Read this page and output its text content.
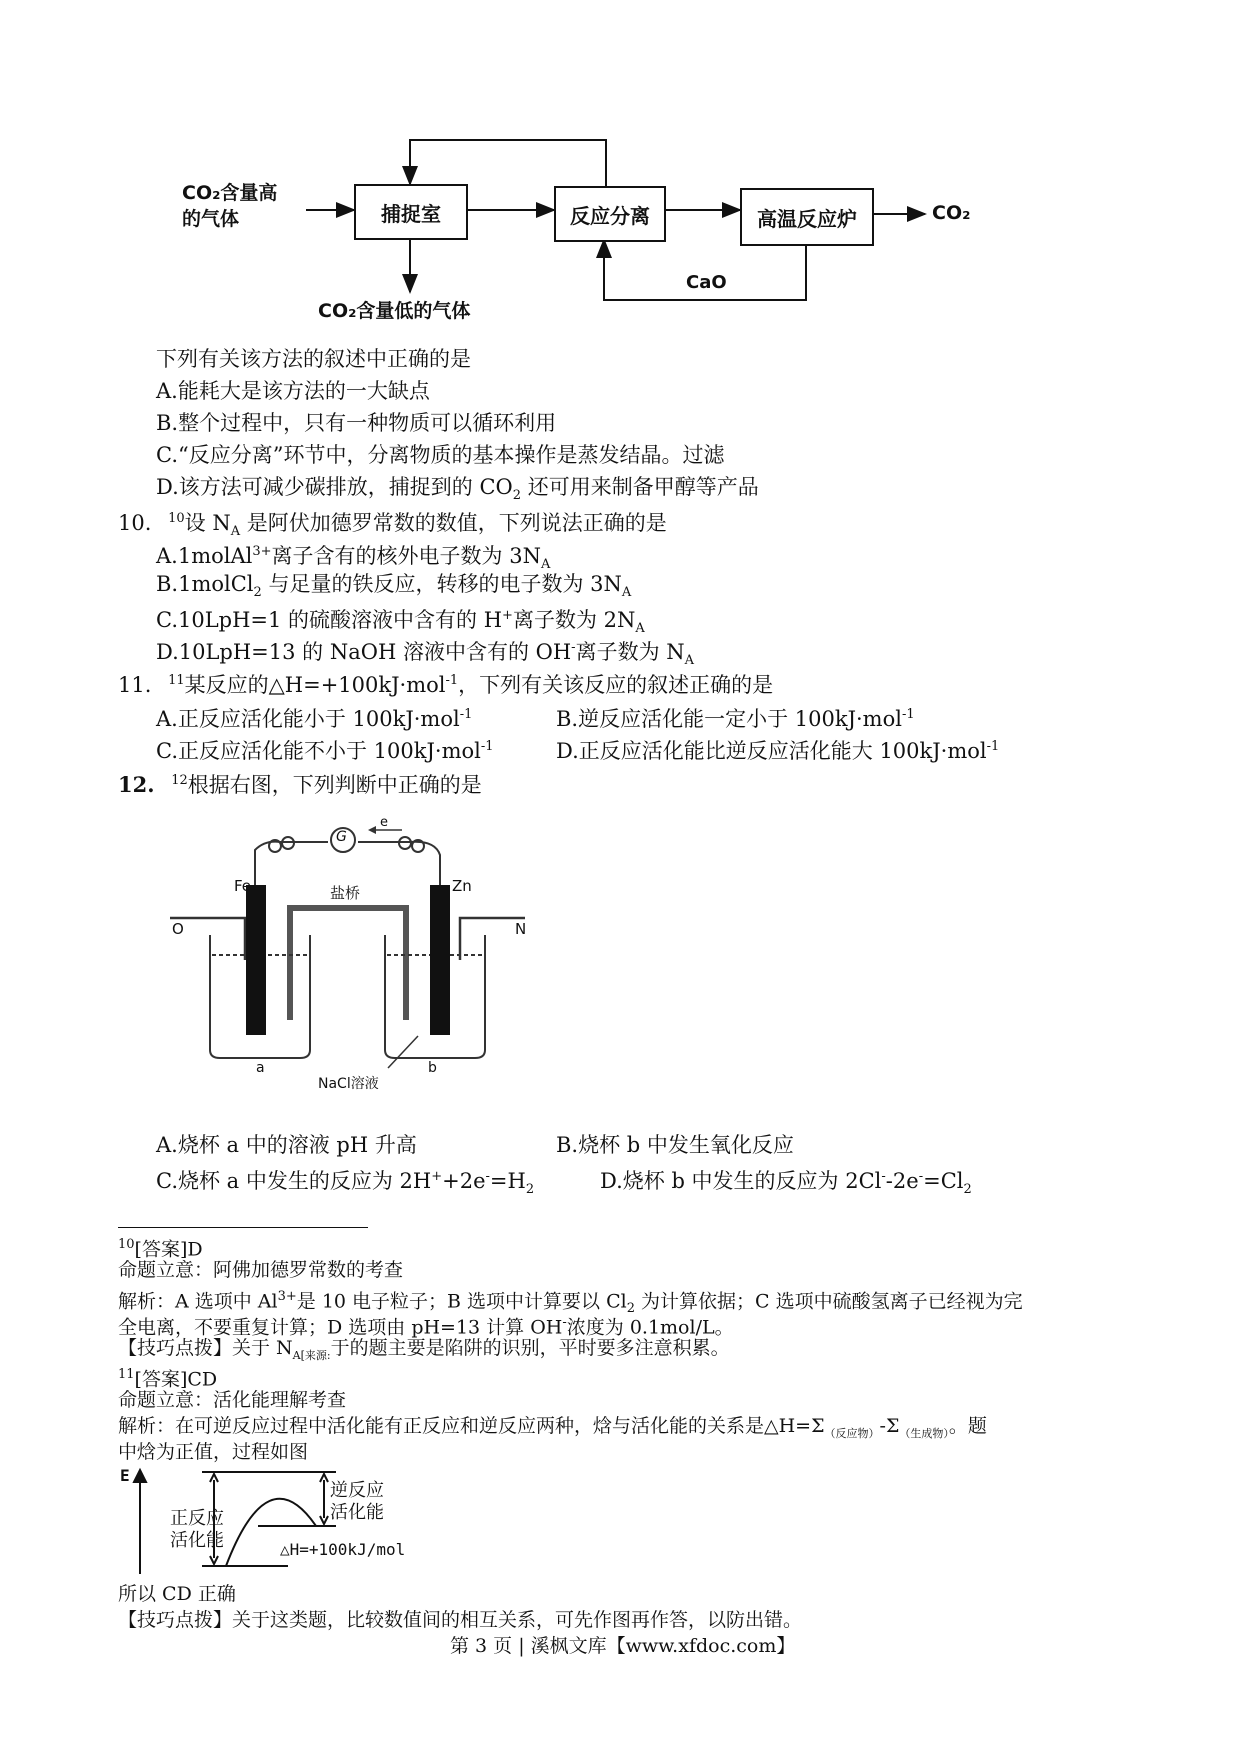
CO₂含量高的气体	捕捉室	反应分离	高温反应炉	CO₂
CO₂含量低的气体
CaO
下列有关该方法的叙述中正确的是
A.能耗大是该方法的一大缺点
B.整个过程中，只有一种物质可以循环利用
C.“反应分离”环节中，分离物质的基本操作是蒸发结晶。过滤
D.该方法可减少碳排放，捕捉到的 $CO_2$ 还可用来制备甲醇等产品
10. $^{10}$设 $N_A$ 是阿伏加德罗常数的数值，下列说法正确的是
A.1molAl$^{3+}$离子含有的核外电子数为 $3N_A$
B.1molCl$_2$ 与足量的铁反应，转移的电子数为 $3N_A$
C.10LpH=1 的硫酸溶液中含有的 H+离子数为 $2N_A$
D.10LpH=13 的 NaOH 溶液中含有的 OH-离子数为 $N_A$
11. $^{11}$某反应的△H=+100kJ·mol$^{-1}$，下列有关该反应的叙述正确的是
A.正反应活化能小于 100kJ·mol$^{-1}$	B.逆反应活化能一定小于 100kJ·mol$^{-1}$
C.正反应活化能不小于 100kJ·mol$^{-1}$	D.正反应活化能比逆反应活化能大 100kJ·mol$^{-1}$
12. $^{12}$根据右图，下列判断中正确的是
G
e
Fe	Zn
盐桥
O	N
a	b
NaCl溶液
A.烧杯 a 中的溶液 pH 升高	B.烧杯 b 中发生氧化反应
C.烧杯 a 中发生的反应为 $2H^++2e^-=H_2$	D.烧杯 b 中发生的反应为 $2Cl^--2e^-=Cl_2$
$^{10}$[答案]D
命题立意：阿佛加德罗常数的考查
解析：A 选项中 $Al^{3+}$是 10 电子粒子；B 选项中计算要以 $Cl_2$ 为计算依据；C 选项中硫酸氢离子已经视为完
全电离，不要重复计算；D 选项由 pH=13 计算 OH-浓度为 0.1mol/L。
【技巧点拨】关于 $N_{A[来源:}$于的题主要是陷阱的识别，平时要多注意积累。
$^{11}$[答案]CD
命题立意：活化能理解考查
解析：在可逆反应过程中活化能有正反应和逆反应两种，焓与活化能的关系是$\triangle H=\Sigma_{(反应物)}-\Sigma_{(生成物)}$。题
中焓为正值，过程如图
E
正反应
活化能
逆反应
活化能
△H=+100kJ/mol
所以 CD 正确
【技巧点拨】关于这类题，比较数值间的相互关系，可先作图再作答，以防出错。
第 3 页 | 溪枫文库【www.xfdoc.com】
